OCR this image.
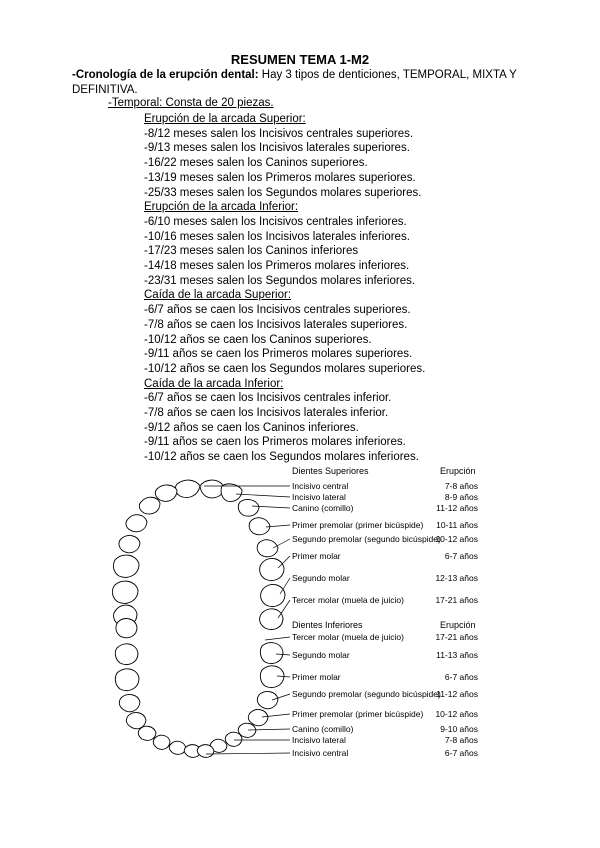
RESUMEN TEMA 1-M2
-Cronología de la erupción dental: Hay 3 tipos de denticiones, TEMPORAL, MIXTA Y DEFINITIVA.
-Temporal: Consta de 20 piezas.
Erupción de la arcada Superior:
-8/12 meses salen los Incisivos centrales superiores.
-9/13 meses salen los Incisivos laterales superiores.
-16/22 meses salen los Caninos superiores.
-13/19 meses salen los Primeros molares superiores.
-25/33 meses salen los Segundos molares superiores.
Erupción de la arcada Inferior:
-6/10 meses salen los Incisivos centrales inferiores.
-10/16 meses salen los Incisivos laterales inferiores.
-17/23 meses salen los Caninos inferiores
-14/18 meses salen los Primeros molares inferiores.
-23/31 meses salen los Segundos molares inferiores.
Caída de la arcada Superior:
-6/7 años se caen los Incisivos centrales superiores.
-7/8 años se caen los Incisivos laterales superiores.
-10/12 años se caen los Caninos superiores.
-9/11 años se caen los Primeros molares superiores.
-10/12 años se caen los Segundos molares superiores.
Caída de la arcada Inferior:
-6/7 años se caen los Incisivos centrales inferior.
-7/8 años se caen los Incisivos laterales inferior.
-9/12 años se caen los Caninos inferiores.
-9/11 años se caen los Primeros molares inferiores.
-10/12 años se caen los Segundos molares inferiores.
Dientes Superiores	Erupción
Incisivo central	7-8 años
Incisivo lateral	8-9 años
Canino (comillo)	11-12 años
Primer premolar (primer bicúspide) 10-11 años
Segundo premolar (segundo bicúspide)
10-12 años
Primer molar	6-7 años
Segundo molar	12-13 años
Tercer molar (muela de juicio)	17-21 años
Dientes Inferiores	Erupción
Tercer molar (muela de juicio)	17-21 años
Segundo molar	11-13 años
Primer molar	6-7 años
Segundo premolar (segundo bicúspide)
11-12 años
Primer premolar (primer bicúspide) 10-12 años
Canino (comillo)	9-10 años
Incisivo lateral	7-8 años
Incisivo central	6-7 años
